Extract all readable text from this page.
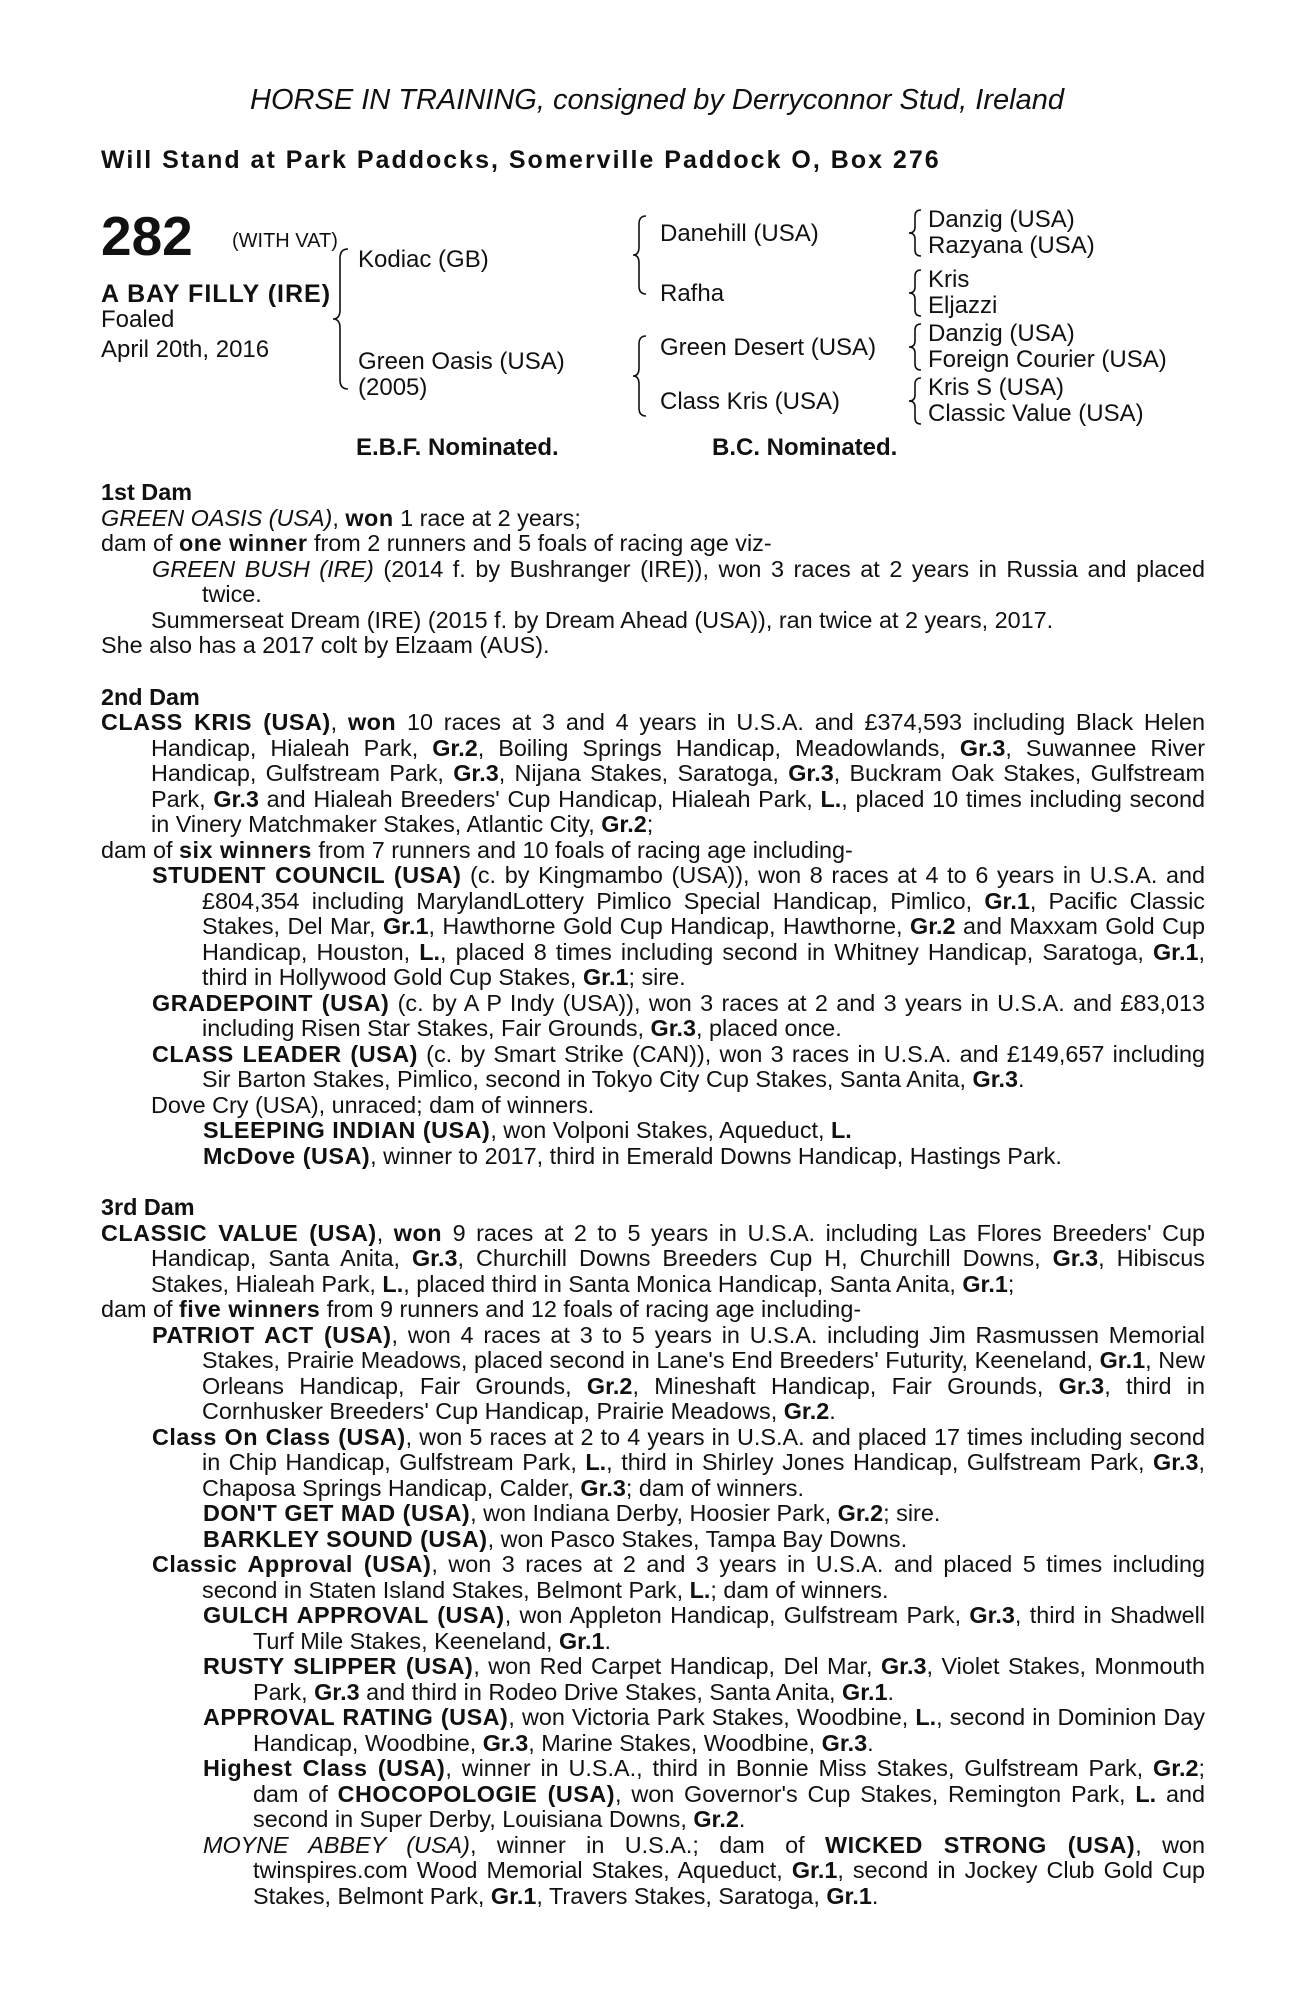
HORSE IN TRAINING, consigned by Derryconnor Stud, Ireland
Will Stand at Park Paddocks, Somerville Paddock O, Box 276
282 (WITH VAT)
A BAY FILLY (IRE)
Foaled
April 20th, 2016
Kodiac (GB)
Green Oasis (USA)
(2005)
Danehill (USA)
Rafha
Green Desert (USA)
Class Kris (USA)
Danzig (USA)
Razyana (USA)
Kris
Eljazzi
Danzig (USA)
Foreign Courier (USA)
Kris S (USA)
Classic Value (USA)
E.B.F. Nominated.	B.C. Nominated.

1st Dam

GREEN OASIS (USA), won 1 race at 2 years;

dam of one winner from 2 runners and 5 foals of racing age viz-

GREEN BUSH (IRE) (2014 f. by Bushranger (IRE)), won 3 races at 2 years in Russia and placed twice.

Summerseat Dream (IRE) (2015 f. by Dream Ahead (USA)), ran twice at 2 years, 2017.

She also has a 2017 colt by Elzaam (AUS).

2nd Dam

CLASS KRIS (USA), won 10 races at 3 and 4 years in U.S.A. and £374,593 including Black Helen Handicap, Hialeah Park, Gr.2, Boiling Springs Handicap, Meadowlands, Gr.3, Suwannee River Handicap, Gulfstream Park, Gr.3, Nijana Stakes, Saratoga, Gr.3, Buckram Oak Stakes, Gulfstream Park, Gr.3 and Hialeah Breeders' Cup Handicap, Hialeah Park, L., placed 10 times including second in Vinery Matchmaker Stakes, Atlantic City, Gr.2;

dam of six winners from 7 runners and 10 foals of racing age including-

STUDENT COUNCIL (USA) (c. by Kingmambo (USA)), won 8 races at 4 to 6 years in U.S.A. and £804,354 including MarylandLottery Pimlico Special Handicap, Pimlico, Gr.1, Pacific Classic Stakes, Del Mar, Gr.1, Hawthorne Gold Cup Handicap, Hawthorne, Gr.2 and Maxxam Gold Cup Handicap, Houston, L., placed 8 times including second in Whitney Handicap, Saratoga, Gr.1, third in Hollywood Gold Cup Stakes, Gr.1; sire.

GRADEPOINT (USA) (c. by A P Indy (USA)), won 3 races at 2 and 3 years in U.S.A. and £83,013 including Risen Star Stakes, Fair Grounds, Gr.3, placed once.

CLASS LEADER (USA) (c. by Smart Strike (CAN)), won 3 races in U.S.A. and £149,657 including Sir Barton Stakes, Pimlico, second in Tokyo City Cup Stakes, Santa Anita, Gr.3.

Dove Cry (USA), unraced; dam of winners.

SLEEPING INDIAN (USA), won Volponi Stakes, Aqueduct, L.

McDove (USA), winner to 2017, third in Emerald Downs Handicap, Hastings Park.

3rd Dam

CLASSIC VALUE (USA), won 9 races at 2 to 5 years in U.S.A. including Las Flores Breeders' Cup Handicap, Santa Anita, Gr.3, Churchill Downs Breeders Cup H, Churchill Downs, Gr.3, Hibiscus Stakes, Hialeah Park, L., placed third in Santa Monica Handicap, Santa Anita, Gr.1;

dam of five winners from 9 runners and 12 foals of racing age including-

PATRIOT ACT (USA), won 4 races at 3 to 5 years in U.S.A. including Jim Rasmussen Memorial Stakes, Prairie Meadows, placed second in Lane's End Breeders' Futurity, Keeneland, Gr.1, New Orleans Handicap, Fair Grounds, Gr.2, Mineshaft Handicap, Fair Grounds, Gr.3, third in Cornhusker Breeders' Cup Handicap, Prairie Meadows, Gr.2.

Class On Class (USA), won 5 races at 2 to 4 years in U.S.A. and placed 17 times including second in Chip Handicap, Gulfstream Park, L., third in Shirley Jones Handicap, Gulfstream Park, Gr.3, Chaposa Springs Handicap, Calder, Gr.3; dam of winners.

DON'T GET MAD (USA), won Indiana Derby, Hoosier Park, Gr.2; sire.

BARKLEY SOUND (USA), won Pasco Stakes, Tampa Bay Downs.

Classic Approval (USA), won 3 races at 2 and 3 years in U.S.A. and placed 5 times including second in Staten Island Stakes, Belmont Park, L.; dam of winners.

GULCH APPROVAL (USA), won Appleton Handicap, Gulfstream Park, Gr.3, third in Shadwell Turf Mile Stakes, Keeneland, Gr.1.

RUSTY SLIPPER (USA), won Red Carpet Handicap, Del Mar, Gr.3, Violet Stakes, Monmouth Park, Gr.3 and third in Rodeo Drive Stakes, Santa Anita, Gr.1.

APPROVAL RATING (USA), won Victoria Park Stakes, Woodbine, L., second in Dominion Day Handicap, Woodbine, Gr.3, Marine Stakes, Woodbine, Gr.3.

Highest Class (USA), winner in U.S.A., third in Bonnie Miss Stakes, Gulfstream Park, Gr.2; dam of CHOCOPOLOGIE (USA), won Governor's Cup Stakes, Remington Park, L. and second in Super Derby, Louisiana Downs, Gr.2.

MOYNE ABBEY (USA), winner in U.S.A.; dam of WICKED STRONG (USA), won twinspires.com Wood Memorial Stakes, Aqueduct, Gr.1, second in Jockey Club Gold Cup Stakes, Belmont Park, Gr.1, Travers Stakes, Saratoga, Gr.1.
